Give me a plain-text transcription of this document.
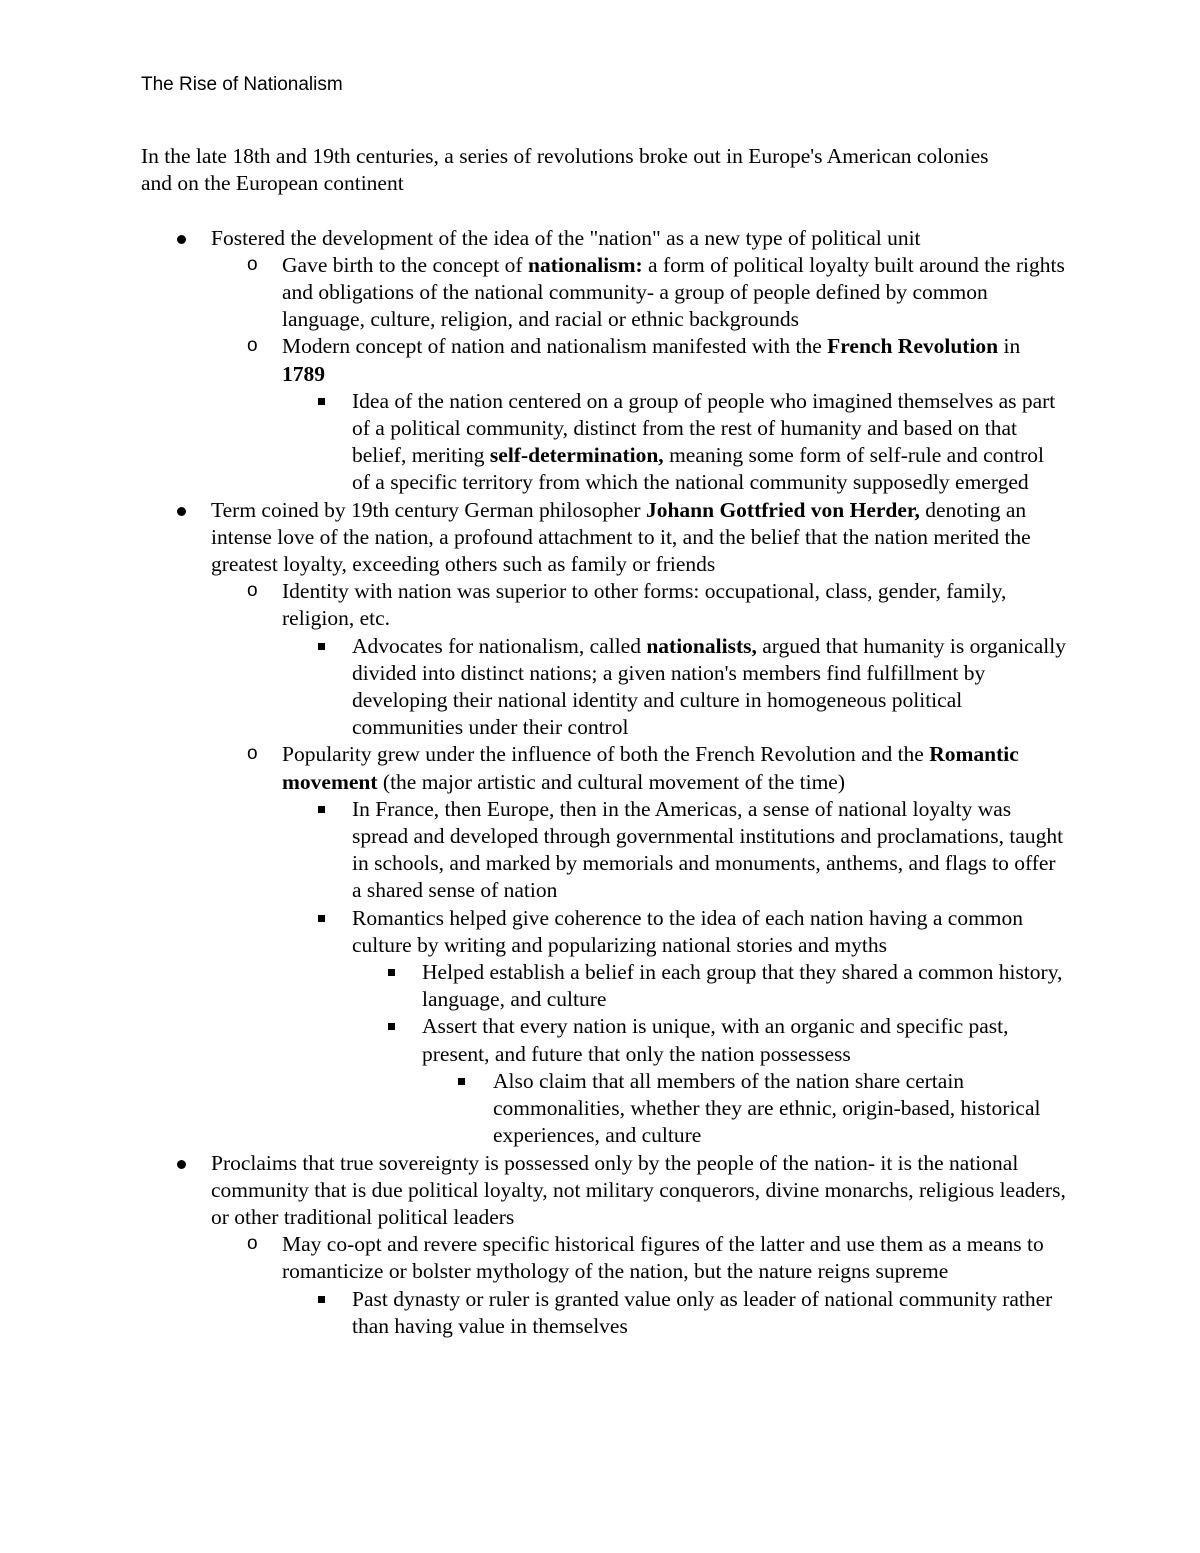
The Rise of Nationalism

In the late 18th and 19th centuries, a series of revolutions broke out in Europe's American colonies and on the European continent

Fostered the development of the idea of the "nation" as a new type of political unit
o Gave birth to the concept of nationalism: a form of political loyalty built around the rights and obligations of the national community- a group of people defined by common language, culture, religion, and racial or ethnic backgrounds
o Modern concept of nation and nationalism manifested with the French Revolution in 1789
Idea of the nation centered on a group of people who imagined themselves as part of a political community, distinct from the rest of humanity and based on that belief, meriting self-determination, meaning some form of self-rule and control of a specific territory from which the national community supposedly emerged
Term coined by 19th century German philosopher Johann Gottfried von Herder, denoting an intense love of the nation, a profound attachment to it, and the belief that the nation merited the greatest loyalty, exceeding others such as family or friends
o Identity with nation was superior to other forms: occupational, class, gender, family, religion, etc.
Advocates for nationalism, called nationalists, argued that humanity is organically divided into distinct nations; a given nation's members find fulfillment by developing their national identity and culture in homogeneous political communities under their control
o Popularity grew under the influence of both the French Revolution and the Romantic movement (the major artistic and cultural movement of the time)
In France, then Europe, then in the Americas, a sense of national loyalty was spread and developed through governmental institutions and proclamations, taught in schools, and marked by memorials and monuments, anthems, and flags to offer a shared sense of nation
Romantics helped give coherence to the idea of each nation having a common culture by writing and popularizing national stories and myths
Helped establish a belief in each group that they shared a common history, language, and culture
Assert that every nation is unique, with an organic and specific past, present, and future that only the nation possessess
Also claim that all members of the nation share certain commonalities, whether they are ethnic, origin-based, historical experiences, and culture
Proclaims that true sovereignty is possessed only by the people of the nation- it is the national community that is due political loyalty, not military conquerors, divine monarchs, religious leaders, or other traditional political leaders
o May co-opt and revere specific historical figures of the latter and use them as a means to romanticize or bolster mythology of the nation, but the nature reigns supreme
Past dynasty or ruler is granted value only as leader of national community rather than having value in themselves
